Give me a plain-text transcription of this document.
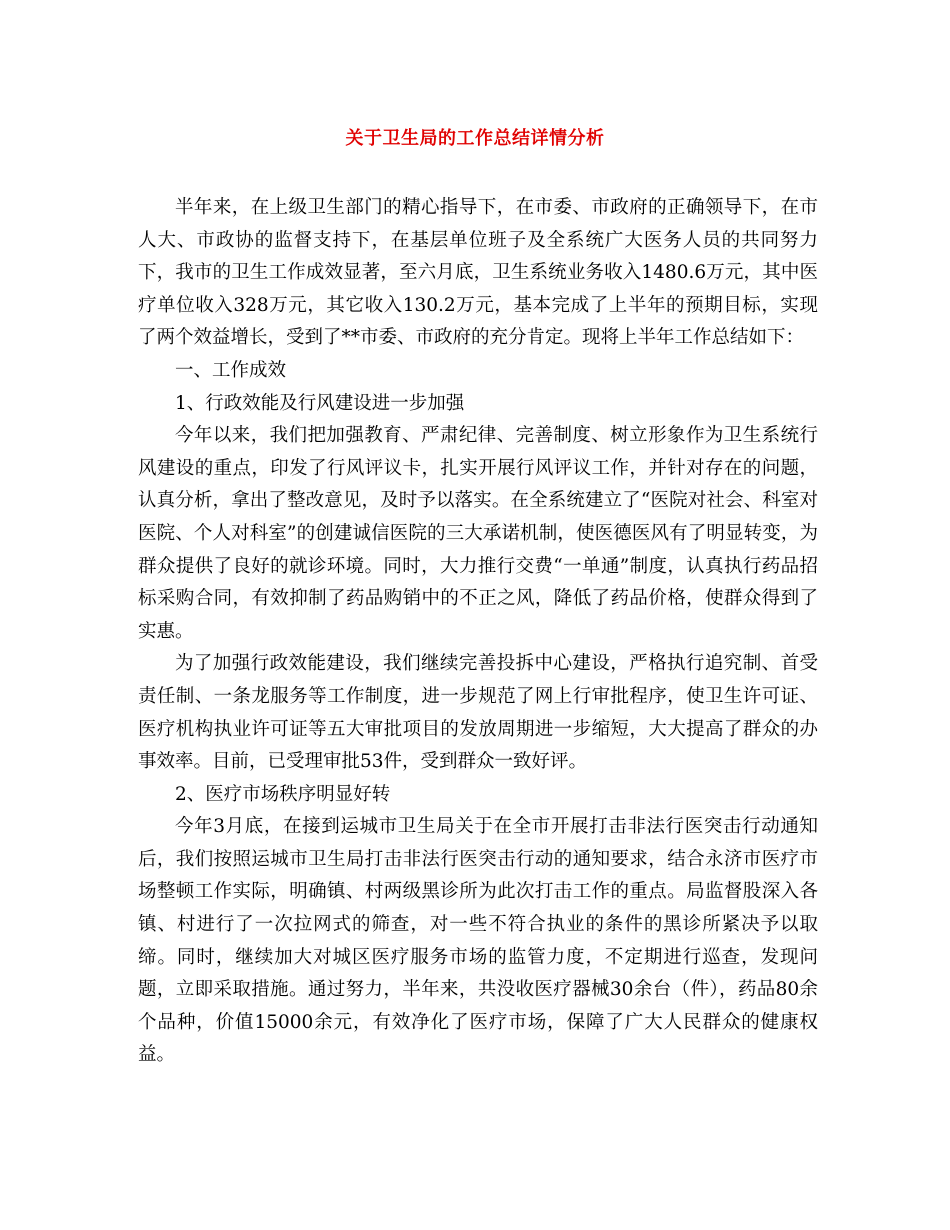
关于卫生局的工作总结详情分析

半年来，在上级卫生部门的精心指导下，在市委、市政府的正确领导下，在市人大、市政协的监督支持下，在基层单位班子及全系统广大医务人员的共同努力下，我市的卫生工作成效显著，至六月底，卫生系统业务收入1480.6万元，其中医疗单位收入328万元，其它收入130.2万元，基本完成了上半年的预期目标，实现了两个效益增长，受到了**市委、市政府的充分肯定。现将上半年工作总结如下：

一、工作成效

1、行政效能及行风建设进一步加强

今年以来，我们把加强教育、严肃纪律、完善制度、树立形象作为卫生系统行风建设的重点，印发了行风评议卡，扎实开展行风评议工作，并针对存在的问题，认真分析，拿出了整改意见，及时予以落实。在全系统建立了“医院对社会、科室对医院、个人对科室”的创建诚信医院的三大承诺机制，使医德医风有了明显转变，为群众提供了良好的就诊环境。同时，大力推行交费“一单通”制度，认真执行药品招标采购合同，有效抑制了药品购销中的不正之风，降低了药品价格，使群众得到了实惠。

为了加强行政效能建设，我们继续完善投拆中心建设，严格执行追究制、首受责任制、一条龙服务等工作制度，进一步规范了网上行审批程序，使卫生许可证、医疗机构执业许可证等五大审批项目的发放周期进一步缩短，大大提高了群众的办事效率。目前，已受理审批53件，受到群众一致好评。

2、医疗市场秩序明显好转

今年3月底，在接到运城市卫生局关于在全市开展打击非法行医突击行动通知后，我们按照运城市卫生局打击非法行医突击行动的通知要求，结合永济市医疗市场整顿工作实际，明确镇、村两级黑诊所为此次打击工作的重点。局监督股深入各镇、村进行了一次拉网式的筛查，对一些不符合执业的条件的黑诊所紧决予以取缔。同时，继续加大对城区医疗服务市场的监管力度，不定期进行巡查，发现问题，立即采取措施。通过努力，半年来，共没收医疗器械30余台（件），药品80余个品种，价值15000余元，有效净化了医疗市场，保障了广大人民群众的健康权益。
